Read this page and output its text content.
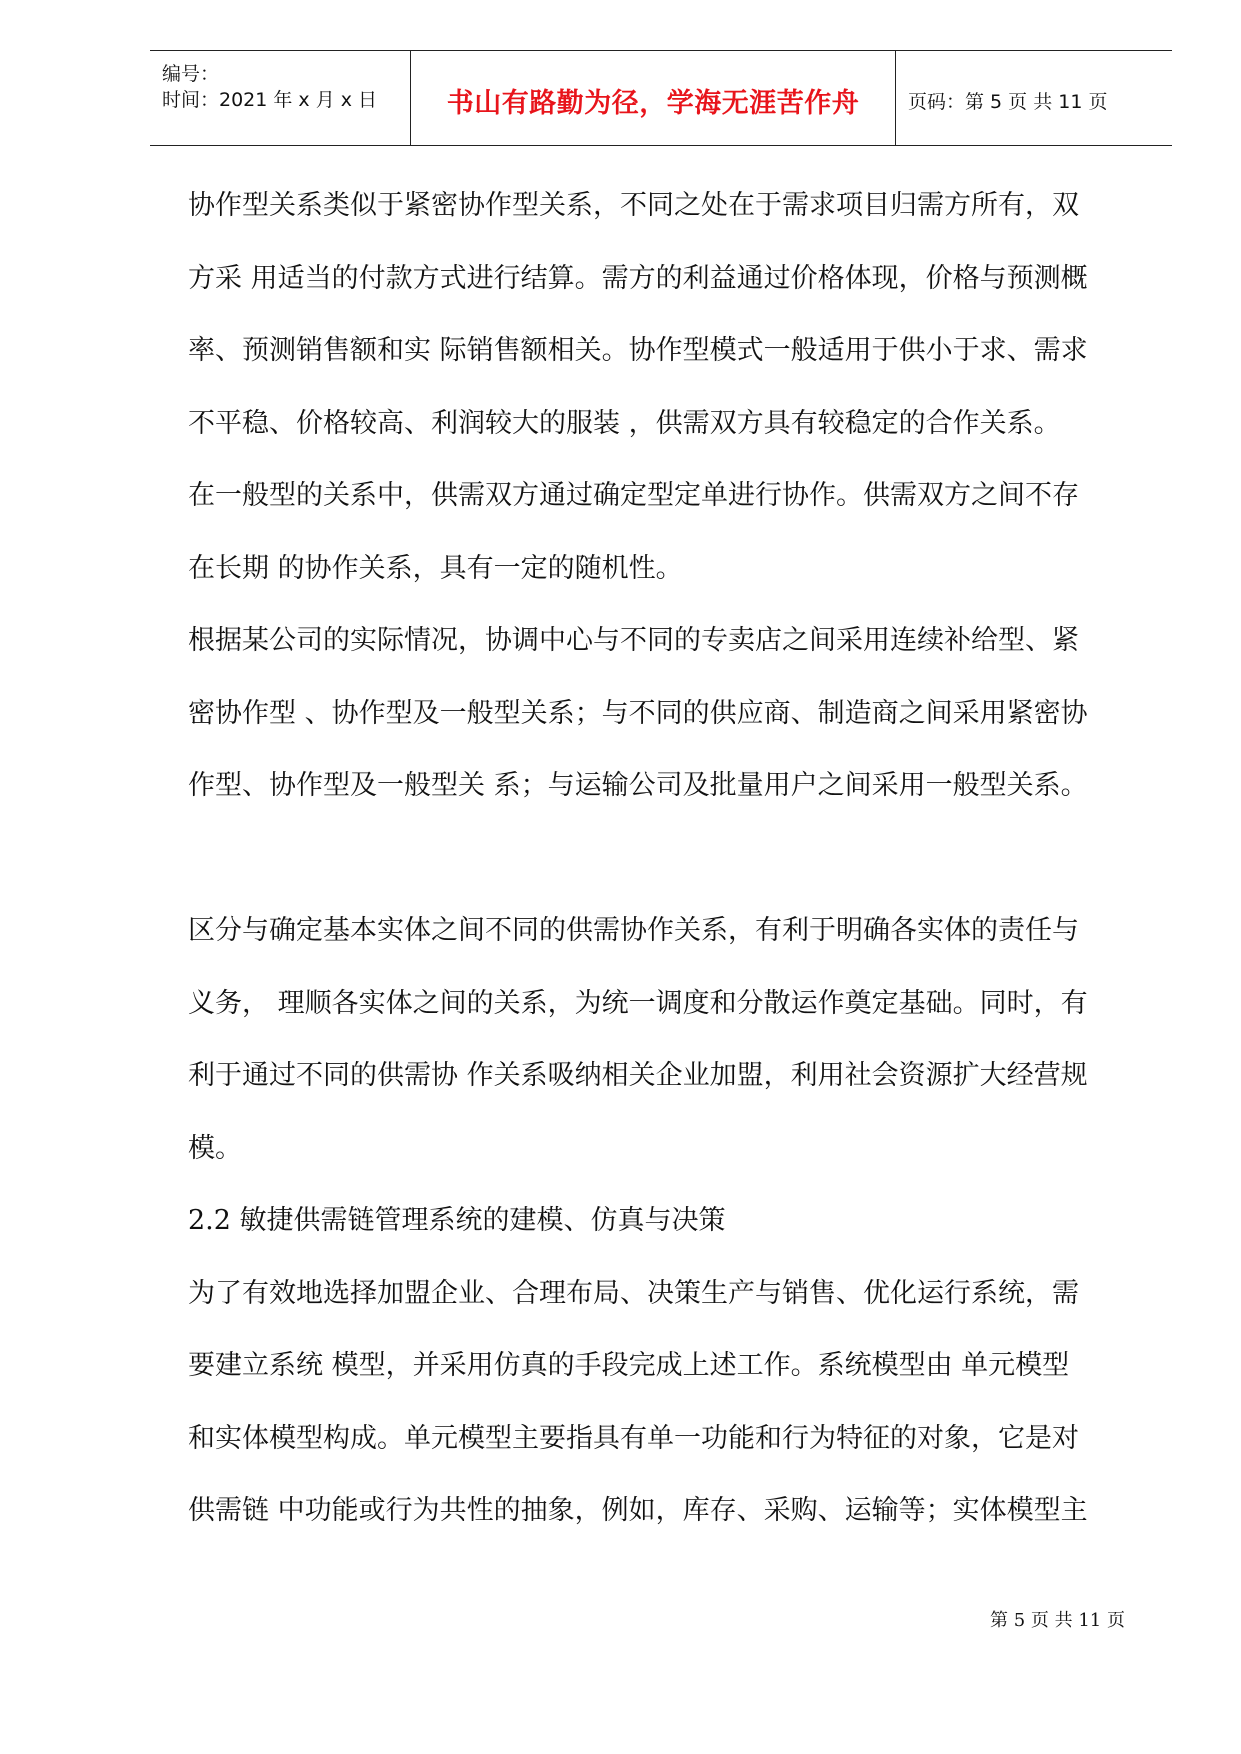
编号：
时间：2021 年 x 月 x 日	书山有路勤为径，学海无涯苦作舟	页码：第 5 页 共 11 页
协作型关系类似于紧密协作型关系，不同之处在于需求项目归需方所有，双
方采 用适当的付款方式进行结算。需方的利益通过价格体现，价格与预测概
率、预测销售额和实 际销售额相关。协作型模式一般适用于供小于求、需求
不平稳、价格较高、利润较大的服装 ，供需双方具有较稳定的合作关系。
在一般型的关系中，供需双方通过确定型定单进行协作。供需双方之间不存
在长期 的协作关系，具有一定的随机性。
根据某公司的实际情况，协调中心与不同的专卖店之间采用连续补给型、紧
密协作型 、协作型及一般型关系；与不同的供应商、制造商之间采用紧密协
作型、协作型及一般型关 系；与运输公司及批量用户之间采用一般型关系。
区分与确定基本实体之间不同的供需协作关系，有利于明确各实体的责任与
义务， 理顺各实体之间的关系，为统一调度和分散运作奠定基础。同时，有
利于通过不同的供需协 作关系吸纳相关企业加盟，利用社会资源扩大经营规
模。
2.2 敏捷供需链管理系统的建模、仿真与决策
为了有效地选择加盟企业、合理布局、决策生产与销售、优化运行系统，需
要建立系统 模型，并采用仿真的手段完成上述工作。系统模型由 单元模型
和实体模型构成。单元模型主要指具有单一功能和行为特征的对象，它是对
供需链 中功能或行为共性的抽象，例如，库存、采购、运输等；实体模型主
第 5 页 共 11 页
